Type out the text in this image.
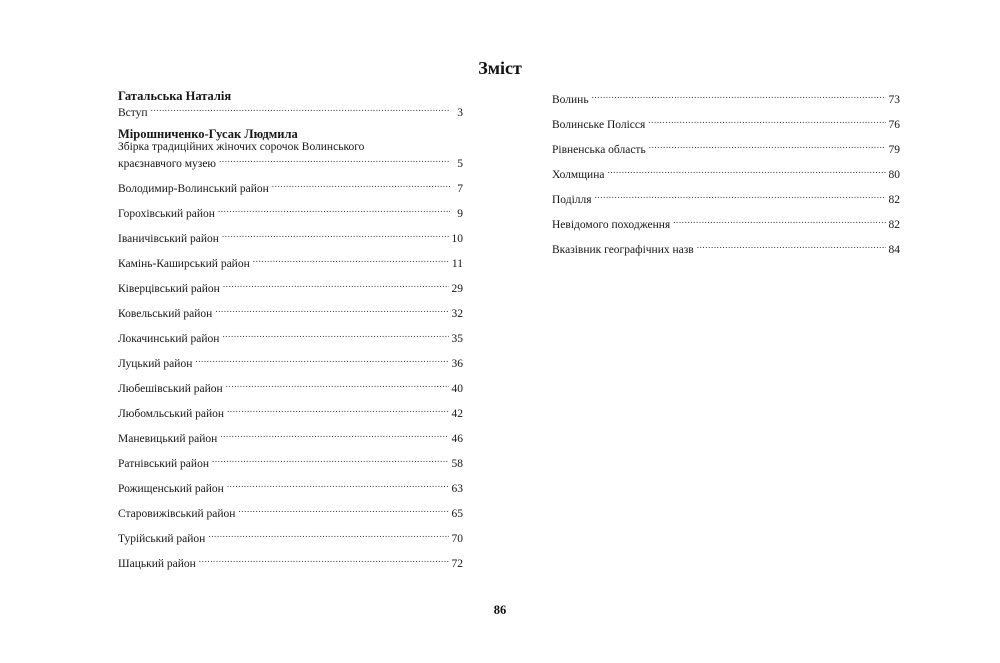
Зміст
Гатальська Наталія
Вступ .....	3
Мірошниченко-Гусак Людмила
Збірка традиційних жіночих сорочок Волинського
краєзнавчого музею .....	5
Володимир-Волинський район .....	7
Горохівський район .....	9
Іваничівський район .....	10
Камінь-Каширський район .....	11
Ківерцівський район .....	29
Ковельський район .....	32
Локачинський район .....	35
Луцький район .....	36
Любешівський район .....	40
Любомльський район .....	42
Маневицький район .....	46
Ратнівський район .....	58
Рожищенський район .....	63
Старовижівський район .....	65
Турійський район .....	70
Шацький район .....	72
Волинь .....	73
Волинське Полісся .....	76
Рівненська область .....	79
Холмщина .....	80
Поділля .....	82
Невідомого походження .....	82
Вказівник географічних назв .....	84
86
